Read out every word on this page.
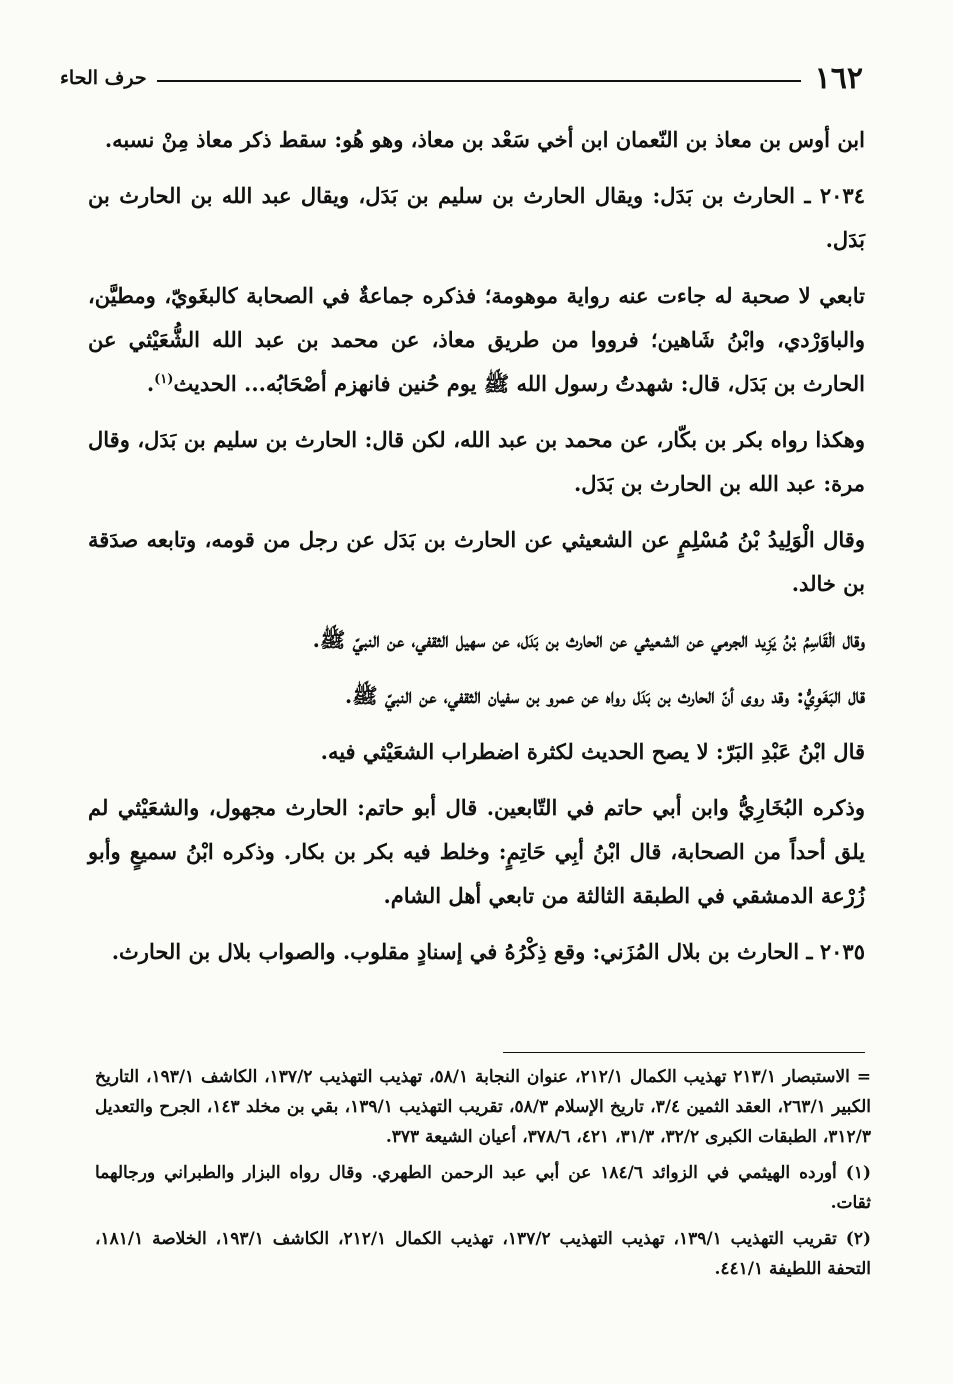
١٦٢
حرف الحاء

ابن أوس بن معاذ بن النّعمان ابن أخي سَعْد بن معاذ، وهو هُو: سقط ذكر معاذ مِنْ نسبه.

٢٠٣٤ ـ الحارث بن بَدَل: ويقال الحارث بن سليم بن بَدَل، ويقال عبد الله بن الحارث بن بَدَل.

تابعي لا صحبة له جاءت عنه رواية موهومة؛ فذكره جماعةٌ في الصحابة كالبغَويّ، ومطيَّن، والباوَرْدي، وابْنُ شَاهين؛ فرووا من طريق معاذ، عن محمد بن عبد الله الشُّعَيْثي عن الحارث بن بَدَل، قال: شهدتُ رسول الله ﷺ يوم حُنين فانهزم أصْحَابُه... الحديث$^{(١)}$.

وهكذا رواه بكر بن بكّار، عن محمد بن عبد الله، لكن قال: الحارث بن سليم بن بَدَل، وقال مرة: عبد الله بن الحارث بن بَدَل.

وقال الْوَلِيدُ بْنُ مُسْلِمٍ عن الشعيثي عن الحارث بن بَدَل عن رجل من قومه، وتابعه صدَقة بن خالد.

وقال الْقَاسِمُ بْنُ يَزِيد الجرمي عن الشعيثي عن الحارث بن بَدَل، عن سهيل الثقفي، عن النبيّ ﷺ.

قال البَغَوِيُّ: وقد روى أنّ الحارث بن بَدَل رواه عن عمرو بن سفيان الثقفي، عن النبيّ ﷺ.

قال ابْنُ عَبْدِ البَرّ: لا يصح الحديث لكثرة اضطراب الشعَيْثي فيه.

وذكره البُخَارِيُّ وابن أبي حاتم في التّابعين. قال أبو حاتم: الحارث مجهول، والشعَيْثي لم يلق أحداً من الصحابة، قال ابْنُ أبِي حَاتِمٍ: وخلط فيه بكر بن بكار. وذكره ابْنُ سميعٍ وأبو زُرْعة الدمشقي في الطبقة الثالثة من تابعي أهل الشام.

٢٠٣٥ ـ الحارث بن بلال المُزَني: وقع ذِكْرُهُ في إسنادٍ مقلوب. والصواب بلال بن الحارث.

= الاستبصار ٢١٣/١ تهذيب الكمال ٢١٢/١، عنوان النجابة ٥٨/١، تهذيب التهذيب ١٣٧/٢، الكاشف ١٩٣/١، التاريخ الكبير ٢٦٣/١، العقد الثمين ٣/٤، تاريخ الإسلام ٥٨/٣، تقريب التهذيب ١٣٩/١، بقي بن مخلد ١٤٣، الجرح والتعديل ٣١٢/٣، الطبقات الكبرى ٣٢/٢، ٣١/٣، ٤٢١، ٣٧٨/٦، أعيان الشيعة ٣٧٣.

(١) أورده الهيثمي في الزوائد ١٨٤/٦ عن أبي عبد الرحمن الطهري. وقال رواه البزار والطبراني ورجالهما ثقات.

(٢) تقريب التهذيب ١٣٩/١، تهذيب التهذيب ١٣٧/٢، تهذيب الكمال ٢١٢/١، الكاشف ١٩٣/١، الخلاصة ١٨١/١، التحفة اللطيفة ٤٤١/١.
